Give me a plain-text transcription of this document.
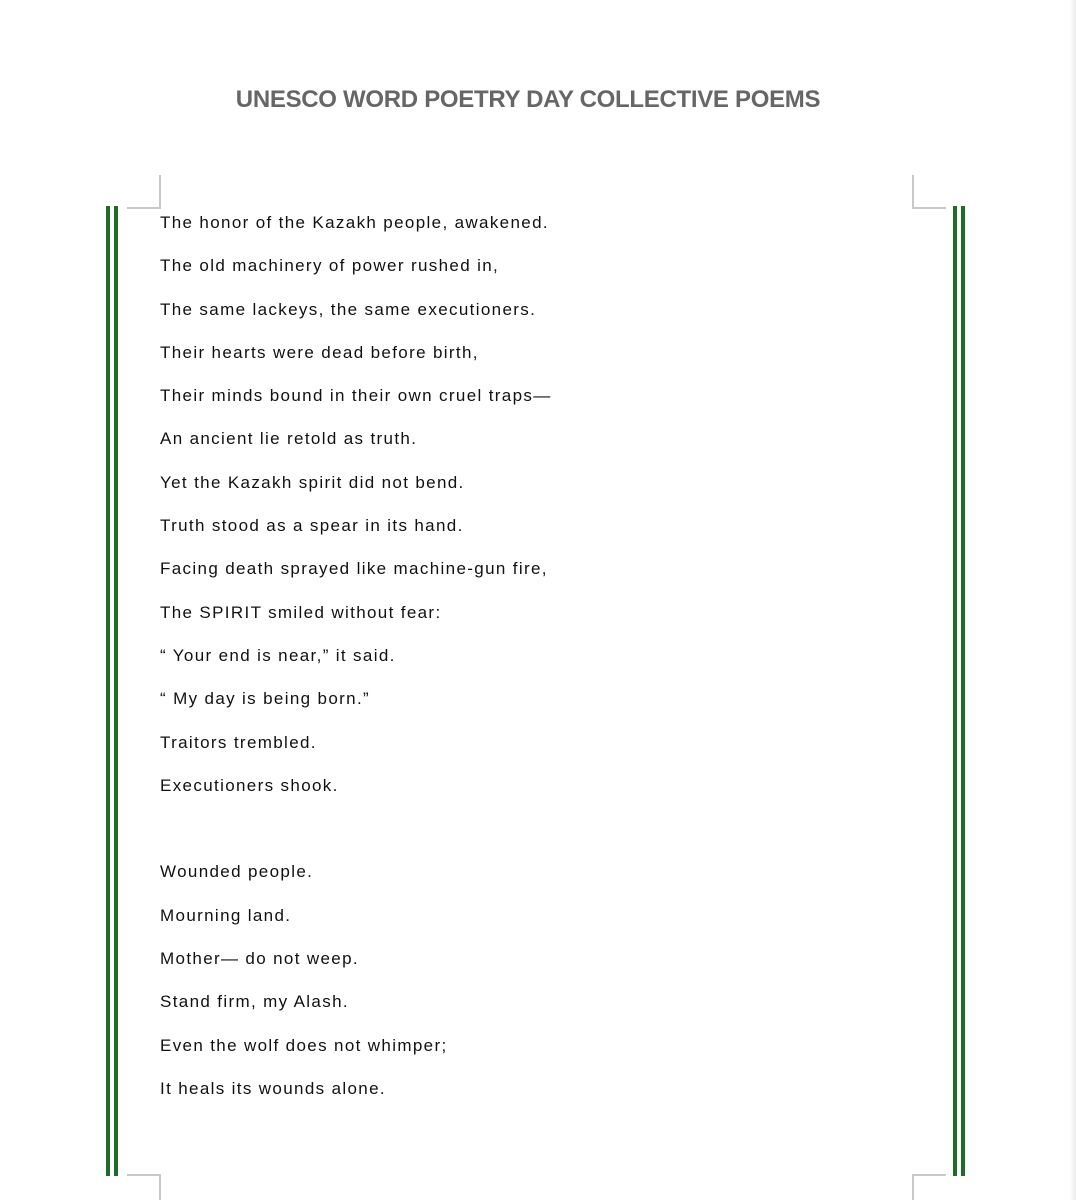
UNESCO WORD POETRY DAY COLLECTIVE POEMS
The honor of the Kazakh people, awakened.
The old machinery of power rushed in,
The same lackeys, the same executioners.
Their hearts were dead before birth,
Their minds bound in their own cruel traps—
An ancient lie retold as truth.
Yet the Kazakh spirit did not bend.
Truth stood as a spear in its hand.
Facing death sprayed like machine-gun fire,
The SPIRIT smiled without fear:
“ Your end is near,” it said.
“ My day is being born.”
Traitors trembled.
Executioners shook.
Wounded people.
Mourning land.
Mother— do not weep.
Stand firm, my Alash.
Even the wolf does not whimper;
It heals its wounds alone.
